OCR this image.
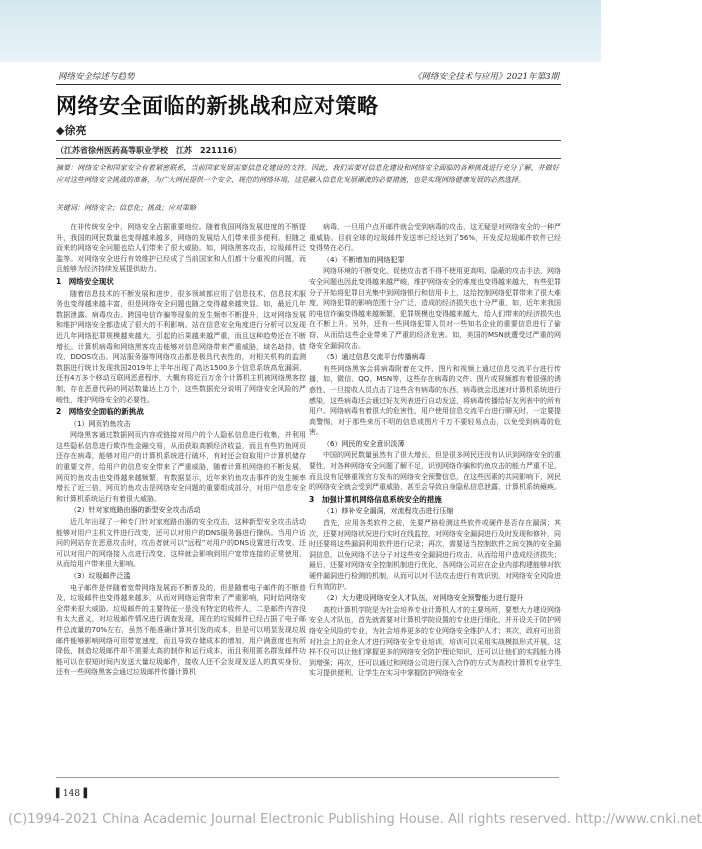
网络安全综述与趋势	《网络安全技术与应用》2021年第3期
网络安全面临的新挑战和应对策略
◆徐亮
（江苏省徐州医药高等职业学校　江苏　221116）
摘要：网络安全和国家安全有着紧密联系，当前国家发展需要信息化建设的支持。因此，我们需要对信息化建设和网络安全面临的各种挑战进行充分了解，并做好应对这些网络安全挑战的准备，为广大网民提供一个安全、规范的网络环境，这是融入信息化发展潮流的必要措施，也是实现网络健康发展的必然选择。
关键词：网络安全；信息化；挑战；应对策略

在非传统安全中，网络安全占据重要地位。随着我国网络发展进度的不断提升，我国的网民数量也变得越来越多，网络的发展给人们带来很多便利。但随之而来的网络安全问题也给人们带来了很大威胁。如，网络黑客攻击，垃圾邮件泛滥等。对网络安全进行有效维护已经成了当前国家和人们都十分重视的问题，而且能够为经济持续发展提供助力。

1　网络安全现状

随着信息技术的不断发展和进步，很多领域都应用了信息技术，信息技术服务也变得越来越丰富，但是网络安全问题也随之变得越来越突显。如，最近几年数据泄露、病毒攻击、跨国电信诈骗等现象的发生频率不断提升，这对网络发展和维护网络安全都造成了很大的不利影响。站在信息安全角度进行分析可以发现近几年网络犯罪规模越来越大，引起的后果越来越严重，而且这种趋势还在不断增长。计算机病毒和网络黑客攻击能够对信息网络带来严重威胁，域名劫持、债攻、DDOS攻击、网站服务器等网络攻击都是极具代表性的，对相关机构的监测数据进行统计发现我国2019年上半年出现了高达1500多个信息系统高危漏洞，还有4万多个移动互联网恶意程序，大概有将近百万余个计算机主机被网络黑客控制，存在恶意代码的网站数量达上万个，这些数据充分说明了网络安全风险的严峻性，维护网络安全的必要性。

2　网络安全面临的新挑战
（1）网页钓鱼攻击

网络黑客通过数据网页内容或链接对用户的个人隐私信息进行收集，并利用这些隐私信息进行欺诈性金融交易，从而获取高额经济收益，而且有些钓鱼网页还存在病毒，能够对用户的计算机系统进行破坏，有时还会窃取用户计算机储存的重要文件，给用户的信息安全带来了严重威胁，随着计算机网络的不断发展，网页钓鱼攻击也变得越来越频繁，有数据显示，近年来钓鱼攻击事件的发生频率增长了近三倍，网页钓鱼攻击是网络安全问题的重要组成部分，对用户信息安全和计算机系统运行有着很大威胁。

（2）针对家庭路由器的新型安全攻击活动

近几年出现了一种专门针对家庭路由器的安全攻击，这种新型安全攻击活动能够对用户主机文件进行改变，还可以对用户的DNS服务器进行操纵。当用户访问的网站存在恶意攻击时，攻击者就可以“远程”对用户的DNS设置进行改变，还可以对用户的网络接入点进行改变，这样就会影响到用户宽带连接的正常使用，从而给用户带来很大影响。

（3）垃圾邮件泛滥

电子邮件是伴随着宽带网络发展而不断普及的，但是随着电子邮件的不断普及，垃圾邮件也变得越来越多，从而对网络运营带来了严重影响，同时给网络安全带来很大威胁。垃圾邮件的主要特征一是没有特定的收件人，二是邮件内容没有太大意义，对垃圾邮件情况进行调查发现，现在的垃圾邮件已经占据了电子邮件总流量的70%左右，虽然不能准确计算其引发的成本，但是可以明显发现垃圾邮件能够影响网络可用带宽速度，而且导致存储成本的增加，用户满意度也有所降低，制造垃圾邮件却不需要太高的制作和运行成本，而且利用匿名群发邮件功能可以在很短时间内发送大量垃圾邮件，接收人还不会发现发送人的真实身份，还有一些网络黑客会通过垃圾邮件传播计算机

病毒，一旦用户点开邮件就会受到病毒的攻击，这无疑是对网络安全的一种严重威胁。目前全球的垃圾邮件发送率已经达到了56%，开发反垃圾邮件软件已经变得势在必行。

（4）不断增加的网络犯罪

网络环境的不断变化，促使攻击者不得不使用更高明、隐蔽的攻击手法，网络安全问题也因此变得越来越严峻，维护网络安全的难度也变得越来越大，有些犯罪分子开始将犯罪目光集中到网络银行和信用卡上，这给控制网络犯罪带来了很大难度，网络犯罪的影响范围十分广泛，造成的经济损失也十分严重，如，近年来我国的电信诈骗变得越来越频繁，犯罪规模也变得越来越大，给人们带来的经济损失也在不断上升。另外，还有一些网络犯罪人员对一些知名企业的重要信息进行了偷窃，从而给这些企业带来了严重的经济危害。如，美国的MSN就遭受过严重的网络安全漏洞攻击。

（5）通过信息交流平台传播病毒

有些网络黑客会将病毒附着在文件、图片和视频上通过信息交流平台进行传播，如，微信、QQ、MSN等，这些存在病毒的文件、图片或视频都有着很强的诱惑性，一旦接收人员点击了这些含有病毒的东西，病毒就会迅速对计算机系统进行感染，这些病毒还会通过好友列表进行自动发送，将病毒传播给好友列表中的所有用户。网络病毒有着很大的危害性，用户使用信息交流平台进行聊天时，一定要提高警惕，对于那些来历不明的信息或图片千万不要轻易点击，以免受到病毒的危害。

（6）网民的安全意识淡薄

中国的网民数量虽然有了很大增长，但是很多网民还没有认识到网络安全的重要性，对各种网络安全问题了解不足，识别网络诈骗和钓鱼攻击的能力严重不足，而且没有足够重视官方发布的网络安全预警信息，在这些因素的共同影响下，网民的网络安全就会受到严重威胁，甚至会导致自身隐私信息泄露，计算机系统瘫痪。

3　加强计算机网络信息系统安全的措施
（1）修补安全漏洞，对流程攻击进行压缩

首先，应用各类软件之前，先要严格检测这些软件或硬件是否存在漏洞；其次，还要对网络状况进行实时在线监控，对网络安全漏洞进行及时发现和修补，同时还要将这些漏洞利用软件进行记录；再次，需要适当控制软件之间交换的安全漏洞信息，以免网络不法分子对这些安全漏洞进行攻击，从而给用户造成经济损失；最后，还要对网络安全控制机制进行优化，各网络公司应在企业内部构建能够对软硬件漏洞进行检测的机制，从而可以对不法攻击进行有效识别，对网络安全风险进行有效防护。

（2）大力建设网络安全人才队伍，对网络安全预警能力进行提升

高校计算机学院是为社会培养专业计算机人才的主要场所，要想大力建设网络安全人才队伍，首先就需要对计算机学院设置的专业进行细化，并开设关于防护网络安全风险的专业，为社会培养更多的专业网络安全维护人才；其次，政府可出资对社会上的业余人才进行网络安全专业培训，培训可以采用实战模拟形式开展，这样不仅可以让他们掌握更多的网络安全防护理论知识，还可以让他们的实践能力得到增强；再次，还可以通过和网络公司进行深入合作的方式为高校计算机专业学生实习提供便利，让学生在实习中掌握防护网络安全

▌148▐
(C)1994-2021 China Academic Journal Electronic Publishing House. All rights reserved. http://www.cnki.net
